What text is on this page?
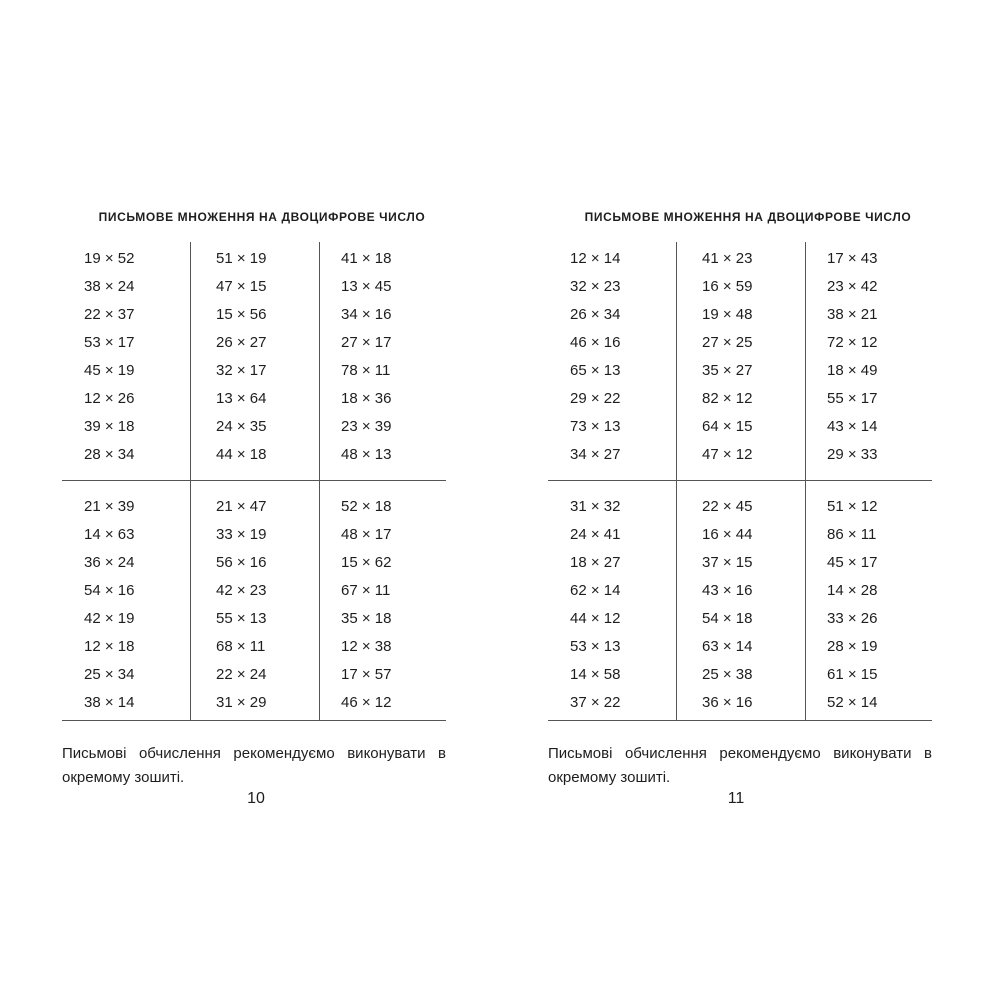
ПИСЬМОВЕ МНОЖЕННЯ НА ДВОЦИФРОВЕ ЧИСЛО
19 × 52	51 × 19	41 × 18
38 × 24	47 × 15	13 × 45
22 × 37	15 × 56	34 × 16
53 × 17	26 × 27	27 × 17
45 × 19	32 × 17	78 × 11
12 × 26	13 × 64	18 × 36
39 × 18	24 × 35	23 × 39
28 × 34	44 × 18	48 × 13
21 × 39	21 × 47	52 × 18
14 × 63	33 × 19	48 × 17
36 × 24	56 × 16	15 × 62
54 × 16	42 × 23	67 × 11
42 × 19	55 × 13	35 × 18
12 × 18	68 × 11	12 × 38
25 × 34	22 × 24	17 × 57
38 × 14	31 × 29	46 × 12
Письмові обчислення рекомендуємо виконувати в окремому зошиті.
10
ПИСЬМОВЕ МНОЖЕННЯ НА ДВОЦИФРОВЕ ЧИСЛО
12 × 14	41 × 23	17 × 43
32 × 23	16 × 59	23 × 42
26 × 34	19 × 48	38 × 21
46 × 16	27 × 25	72 × 12
65 × 13	35 × 27	18 × 49
29 × 22	82 × 12	55 × 17
73 × 13	64 × 15	43 × 14
34 × 27	47 × 12	29 × 33
31 × 32	22 × 45	51 × 12
24 × 41	16 × 44	86 × 11
18 × 27	37 × 15	45 × 17
62 × 14	43 × 16	14 × 28
44 × 12	54 × 18	33 × 26
53 × 13	63 × 14	28 × 19
14 × 58	25 × 38	61 × 15
37 × 22	36 × 16	52 × 14
Письмові обчислення рекомендуємо виконувати в окремому зошиті.
11
